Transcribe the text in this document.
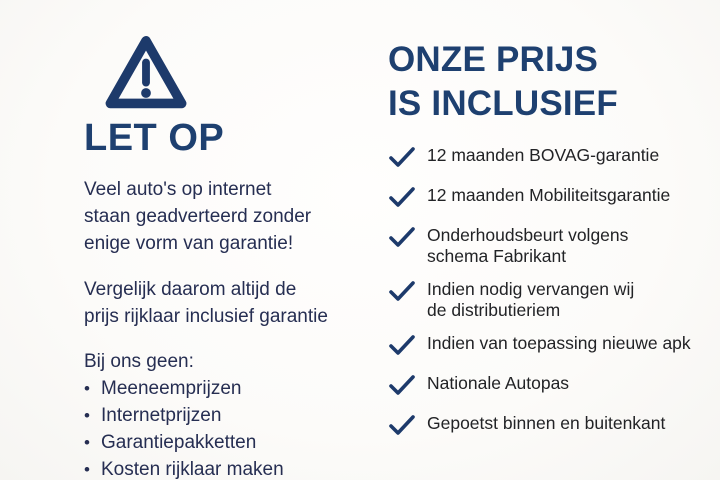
LET OP
Veel auto's op internet
staan geadverteerd zonder
enige vorm van garantie!
Vergelijk daarom altijd de
prijs rijklaar inclusief garantie
Bij ons geen:
• Meeneemprijzen
• Internetprijzen
• Garantiepakketten
• Kosten rijklaar maken
ONZE PRIJS
IS INCLUSIEF
12 maanden BOVAG-garantie
12 maanden Mobiliteitsgarantie
Onderhoudsbeurt volgens
schema Fabrikant
Indien nodig vervangen wij
de distributieriem
Indien van toepassing nieuwe apk
Nationale Autopas
Gepoetst binnen en buitenkant
